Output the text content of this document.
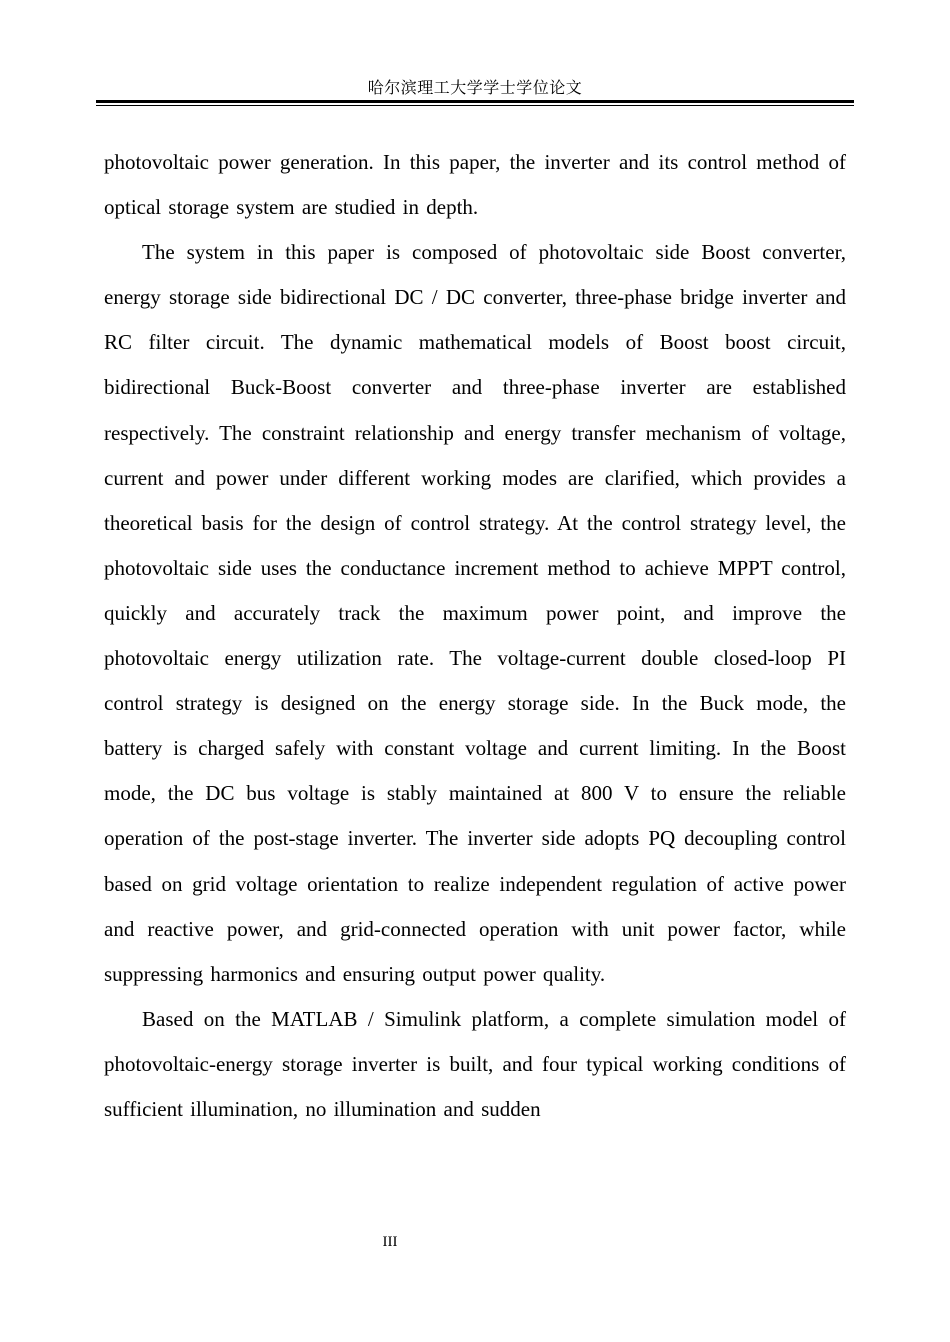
哈尔滨理工大学学士学位论文

photovoltaic power generation. In this paper, the inverter and its control method of optical storage system are studied in depth.

The system in this paper is composed of photovoltaic side Boost converter, energy storage side bidirectional DC / DC converter, three-phase bridge inverter and RC filter circuit. The dynamic mathematical models of Boost boost circuit, bidirectional Buck-Boost converter and three-phase inverter are established respectively. The constraint relationship and energy transfer mechanism of voltage, current and power under different working modes are clarified, which provides a theoretical basis for the design of control strategy. At the control strategy level, the photovoltaic side uses the conductance increment method to achieve MPPT control, quickly and accurately track the maximum power point, and improve the photovoltaic energy utilization rate. The voltage-current double closed-loop PI control strategy is designed on the energy storage side. In the Buck mode, the battery is charged safely with constant voltage and current limiting. In the Boost mode, the DC bus voltage is stably maintained at 800 V to ensure the reliable operation of the post-stage inverter. The inverter side adopts PQ decoupling control based on grid voltage orientation to realize independent regulation of active power and reactive power, and grid-connected operation with unit power factor, while suppressing harmonics and ensuring output power quality.

Based on the MATLAB / Simulink platform, a complete simulation model of photovoltaic-energy storage inverter is built, and four typical working conditions of sufficient illumination, no illumination and sudden

III
